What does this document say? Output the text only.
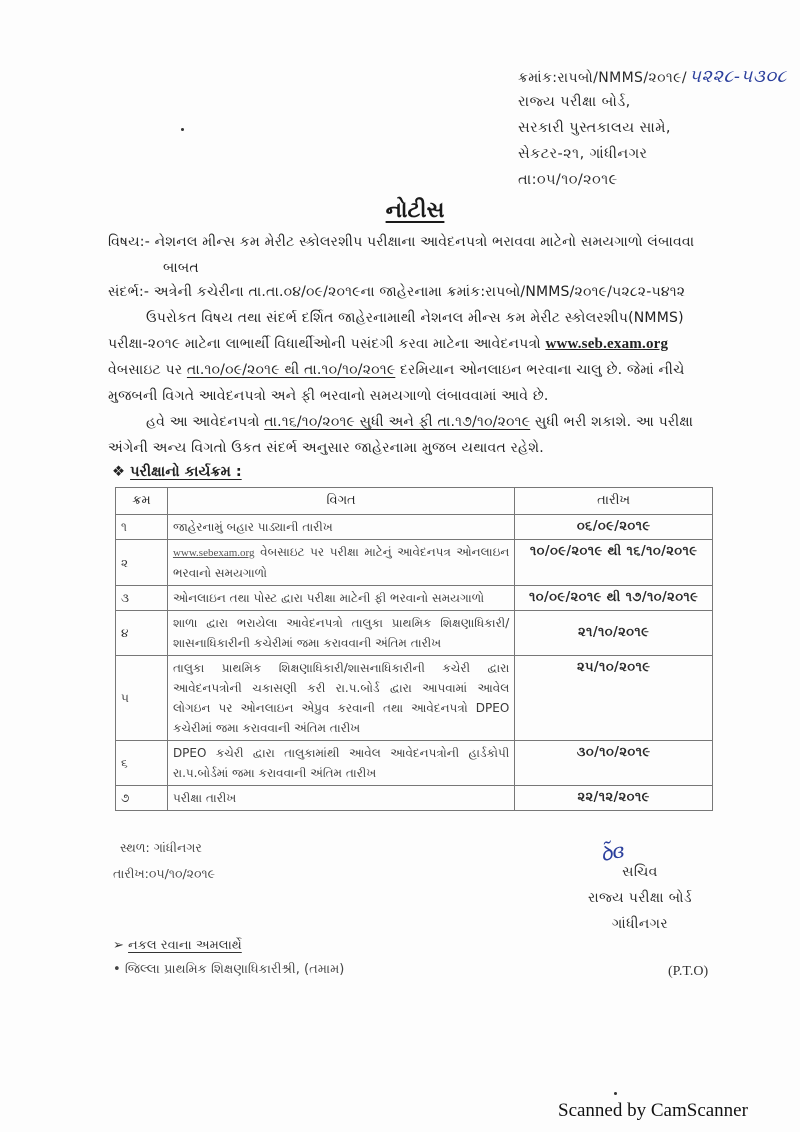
ક્રમાંક:રાપબો/NMMS/૨૦૧૯/ ૫૨૨૮-૫૩૦૮
રાજ્ય પરીક્ષા બોર્ડ,
સરકારી પુસ્તકાલય સામે,
સેકટર-૨૧, ગાંધીનગર
તા:૦૫/૧૦/૨૦૧૯
નોટીસ
વિષય:- નેશનલ મીન્સ કમ મેરીટ સ્કોલરશીપ પરીક્ષાના આવેદનપત્રો ભરાવવા માટેનો સમયગાળો લંબાવવા
બાબત
સંદર્ભ:- અત્રેની કચેરીના તા.તા.૦૪/૦૯/૨૦૧૯ના જાહેરનામા ક્રમાંક:રાપબો/NMMS/૨૦૧૯/૫૨૮૨-૫૪૧૨
ઉપરોકત વિષય તથા સંદર્ભ દર્શિત જાહેરનામાથી નેશનલ મીન્સ કમ મેરીટ સ્કોલરશીપ(NMMS)
પરીક્ષા-૨૦૧૯ માટેના લાભાર્થી વિધાર્થીઓની પસંદગી કરવા માટેના આવેદનપત્રો www.seb.exam.org
વેબસાઇટ પર તા.૧૦/૦૯/૨૦૧૯ થી તા.૧૦/૧૦/૨૦૧૯ દરમિયાન ઓનલાઇન ભરવાના ચાલુ છે. જેમાં નીચે
મુજબની વિગતે આવેદનપત્રો અને ફી ભરવાનો સમયગાળો લંબાવવામાં આવે છે.
હવે આ આવેદનપત્રો તા.૧૬/૧૦/૨૦૧૯ સુધી અને ફી તા.૧૭/૧૦/૨૦૧૯ સુધી ભરી શકાશે. આ પરીક્ષા
અંગેની અન્ય વિગતો ઉકત સંદર્ભ અનુસાર જાહેરનામા મુજબ યથાવત રહેશે.
❖ પરીક્ષાનો કાર્યક્રમ :
ક્રમ	વિગત	તારીખ
૧	જાહેરનામું બહાર પાડ્યાની તારીખ	૦૬/૦૯/૨૦૧૯
૨	www.sebexam.org વેબસાઇટ પર પરીક્ષા માટેનું આવેદનપત્ર ઓનલાઇન ભરવાનો સમયગાળો	૧૦/૦૯/૨૦૧૯ થી ૧૬/૧૦/૨૦૧૯
૩	ઓનલાઇન તથા પોસ્ટ દ્વારા પરીક્ષા માટેની ફી ભરવાનો સમયગાળો	૧૦/૦૯/૨૦૧૯ થી ૧૭/૧૦/૨૦૧૯
૪	શાળા દ્વારા ભરાયેલા આવેદનપત્રો તાલુકા પ્રાથમિક શિક્ષણાધિકારી/ શાસનાધિકારીની કચેરીમાં જમા કરાવવાની અંતિમ તારીખ	૨૧/૧૦/૨૦૧૯
૫	તાલુકા પ્રાથમિક શિક્ષણાધિકારી/શાસનાધિકારીની કચેરી દ્વારા આવેદનપત્રોની ચકાસણી કરી રા.પ.બોર્ડ દ્વારા આપવામાં આવેલ લોગઇન પર ઓનલાઇન એપ્રુવ કરવાની તથા આવેદનપત્રો DPEO કચેરીમાં જમા કરાવવાની અંતિમ તારીખ	૨૫/૧૦/૨૦૧૯
૬	DPEO કચેરી દ્વારા તાલુકામાંથી આવેલ આવેદનપત્રોની હાર્ડકોપી રા.પ.બોર્ડમાં જમા કરાવવાની અંતિમ તારીખ	૩૦/૧૦/૨૦૧૯
૭	પરીક્ષા તારીખ	૨૨/૧૨/૨૦૧૯
સ્થળ: ગાંધીનગર
તારીખ:૦૫/૧૦/૨૦૧૯
ꝺ̃ɞ
સચિવ
રાજ્ય પરીક્ષા બોર્ડ
ગાંધીનગર
➢ નકલ રવાના અમલાર્થે
• જિલ્લા પ્રાથમિક શિક્ષણાધિકારીશ્રી, (તમામ)	(P.T.O)
Scanned by CamScanner
